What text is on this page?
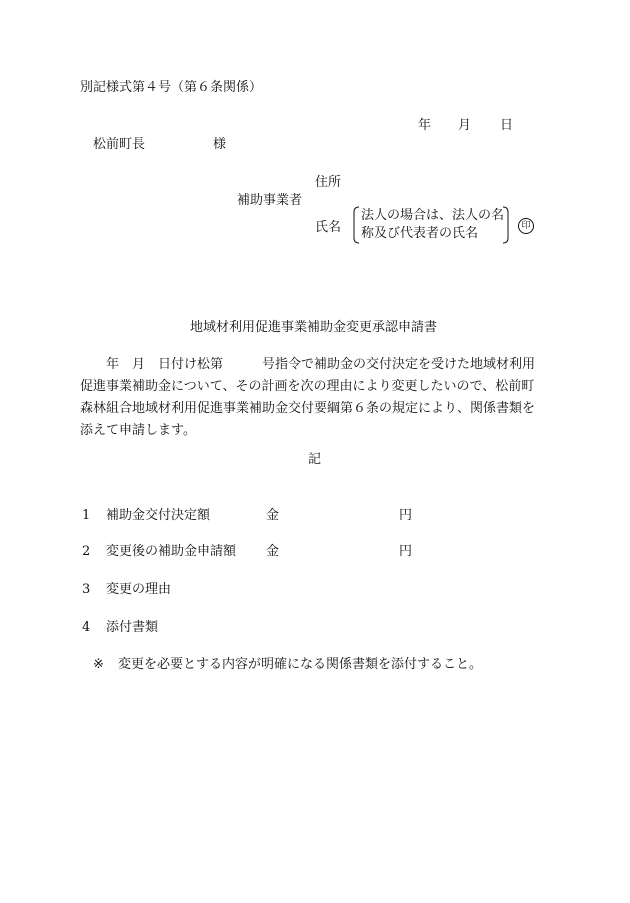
別記様式第４号（第６条関係）
年 月 日
松前町長	様
住所
補助事業者
氏名
法人の場合は、法人の名
称及び代表者の氏名	印
地域材利用促進事業補助金変更承認申請書
　　年　月　日付け松第　　　号指令で補助金の交付決定を受けた地域材利用
促進事業補助金について、その計画を次の理由により変更したいので、松前町
森林組合地域材利用促進事業補助金交付要綱第６条の規定により、関係書類を
添えて申請します。
記
1 補助金交付決定額	金	円
2 変更後の補助金申請額 金	円
3 変更の理由
4 添付書類
※ 変更を必要とする内容が明確になる関係書類を添付すること。
